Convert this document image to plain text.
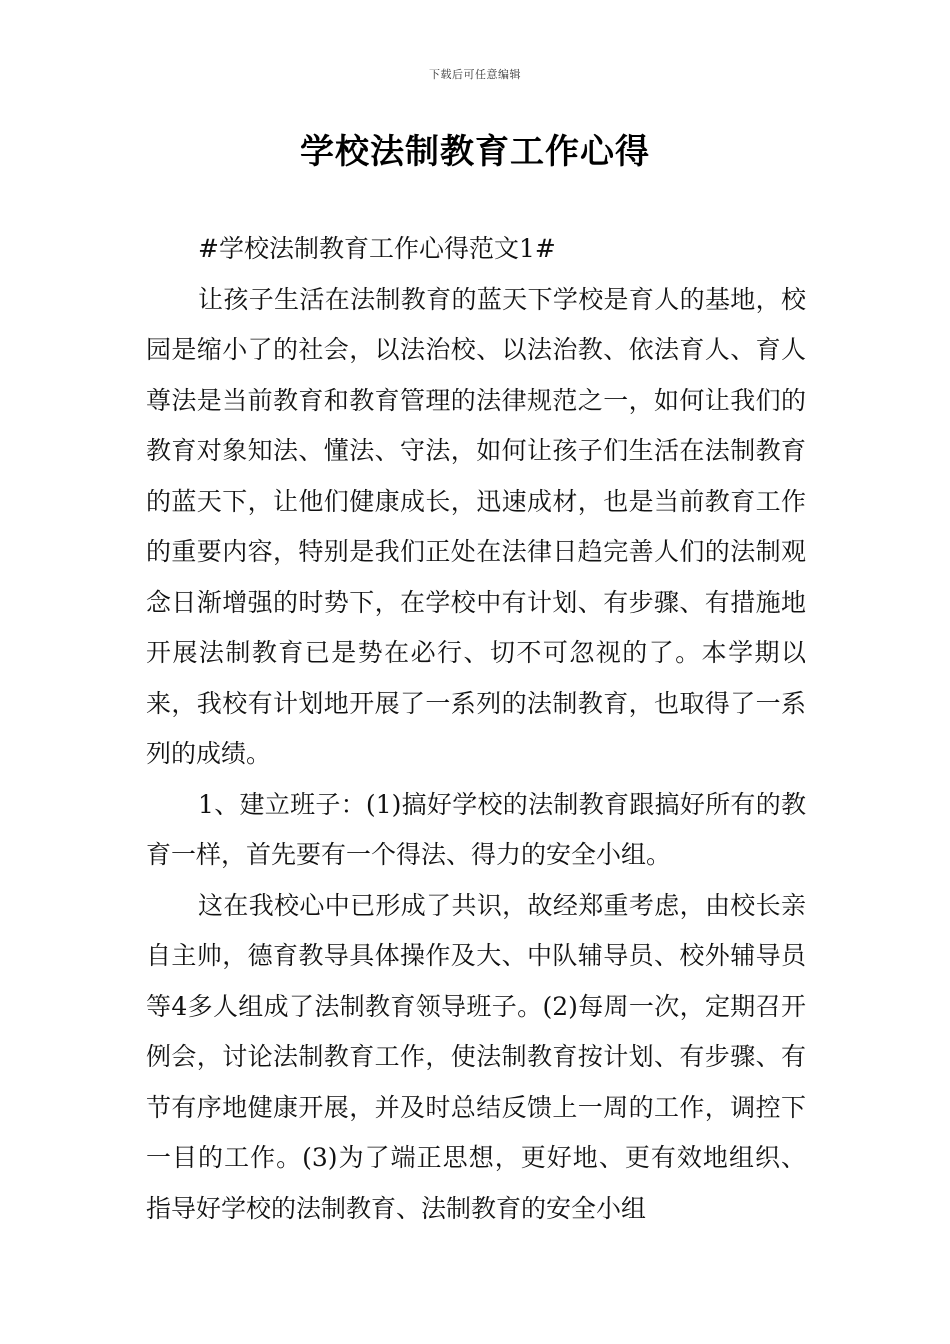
下载后可任意编辑
学校法制教育工作心得

#学校法制教育工作心得范文1#

让孩子生活在法制教育的蓝天下学校是育人的基地，校园是缩小了的社会，以法治校、以法治教、依法育人、育人尊法是当前教育和教育管理的法律规范之一，如何让我们的教育对象知法、懂法、守法，如何让孩子们生活在法制教育的蓝天下，让他们健康成长，迅速成材，也是当前教育工作的重要内容，特别是我们正处在法律日趋完善人们的法制观念日渐增强的时势下，在学校中有计划、有步骤、有措施地开展法制教育已是势在必行、切不可忽视的了。本学期以来，我校有计划地开展了一系列的法制教育，也取得了一系列的成绩。

1、建立班子：(1)搞好学校的法制教育跟搞好所有的教育一样，首先要有一个得法、得力的安全小组。

这在我校心中已形成了共识，故经郑重考虑，由校长亲自主帅，德育教导具体操作及大、中队辅导员、校外辅导员等4多人组成了法制教育领导班子。(2)每周一次，定期召开例会，讨论法制教育工作，使法制教育按计划、有步骤、有节有序地健康开展，并及时总结反馈上一周的工作，调控下一目的工作。(3)为了端正思想，更好地、更有效地组织、指导好学校的法制教育、法制教育的安全小组
